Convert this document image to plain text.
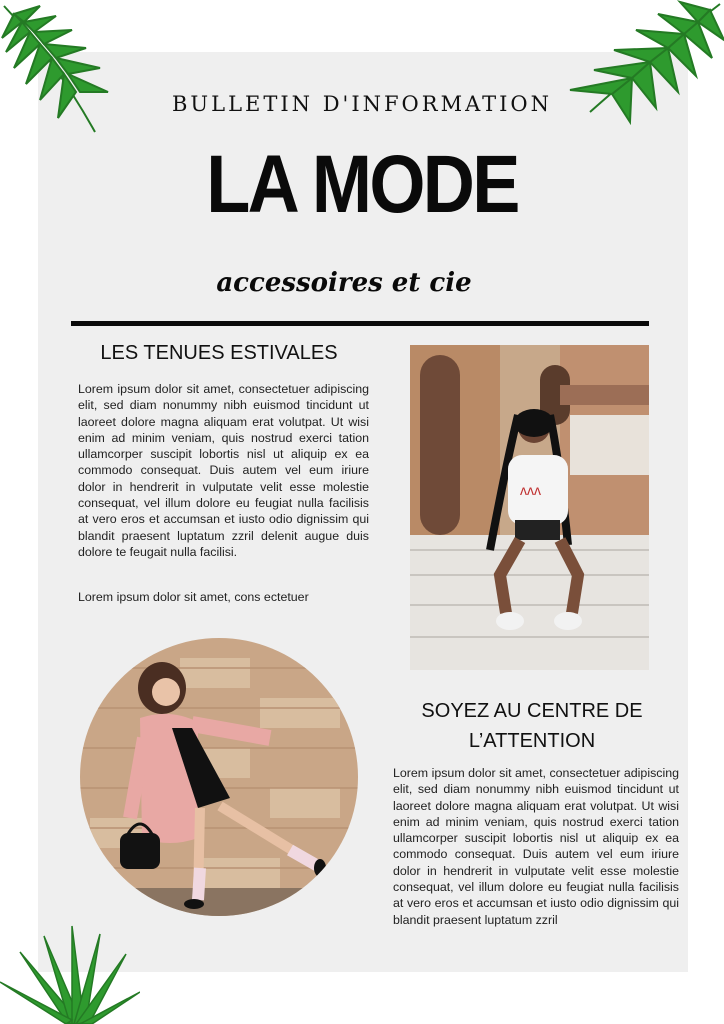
BULLETIN D'INFORMATION
LA MODE
accessoires et cie
LES TENUES ESTIVALES
Lorem ipsum dolor sit amet, consectetuer adipiscing elit, sed diam nonummy nibh euismod tincidunt ut laoreet dolore magna aliquam erat volutpat. Ut wisi enim ad minim veniam, quis nostrud exerci tation ullamcorper suscipit lobortis nisl ut aliquip ex ea commodo consequat. Duis autem vel eum iriure dolor in hendrerit in vulputate velit esse molestie consequat, vel illum dolore eu feugiat nulla facilisis at vero eros et accumsan et iusto odio dignissim qui blandit praesent luptatum zzril delenit augue duis dolore te feugait nulla facilisi.
Lorem ipsum dolor sit amet, cons ectetuer
ʌʌʌ
SOYEZ AU CENTRE DE L’ATTENTION
Lorem ipsum dolor sit amet, consectetuer adipiscing elit, sed diam nonummy nibh euismod tincidunt ut laoreet dolore magna aliquam erat volutpat. Ut wisi enim ad minim veniam, quis nostrud exerci tation ullamcorper suscipit lobortis nisl ut aliquip ex ea commodo consequat. Duis autem vel eum iriure dolor in hendrerit in vulputate velit esse molestie consequat, vel illum dolore eu feugiat nulla facilisis at vero eros et accumsan et iusto odio dignissim qui blandit praesent luptatum zzril
